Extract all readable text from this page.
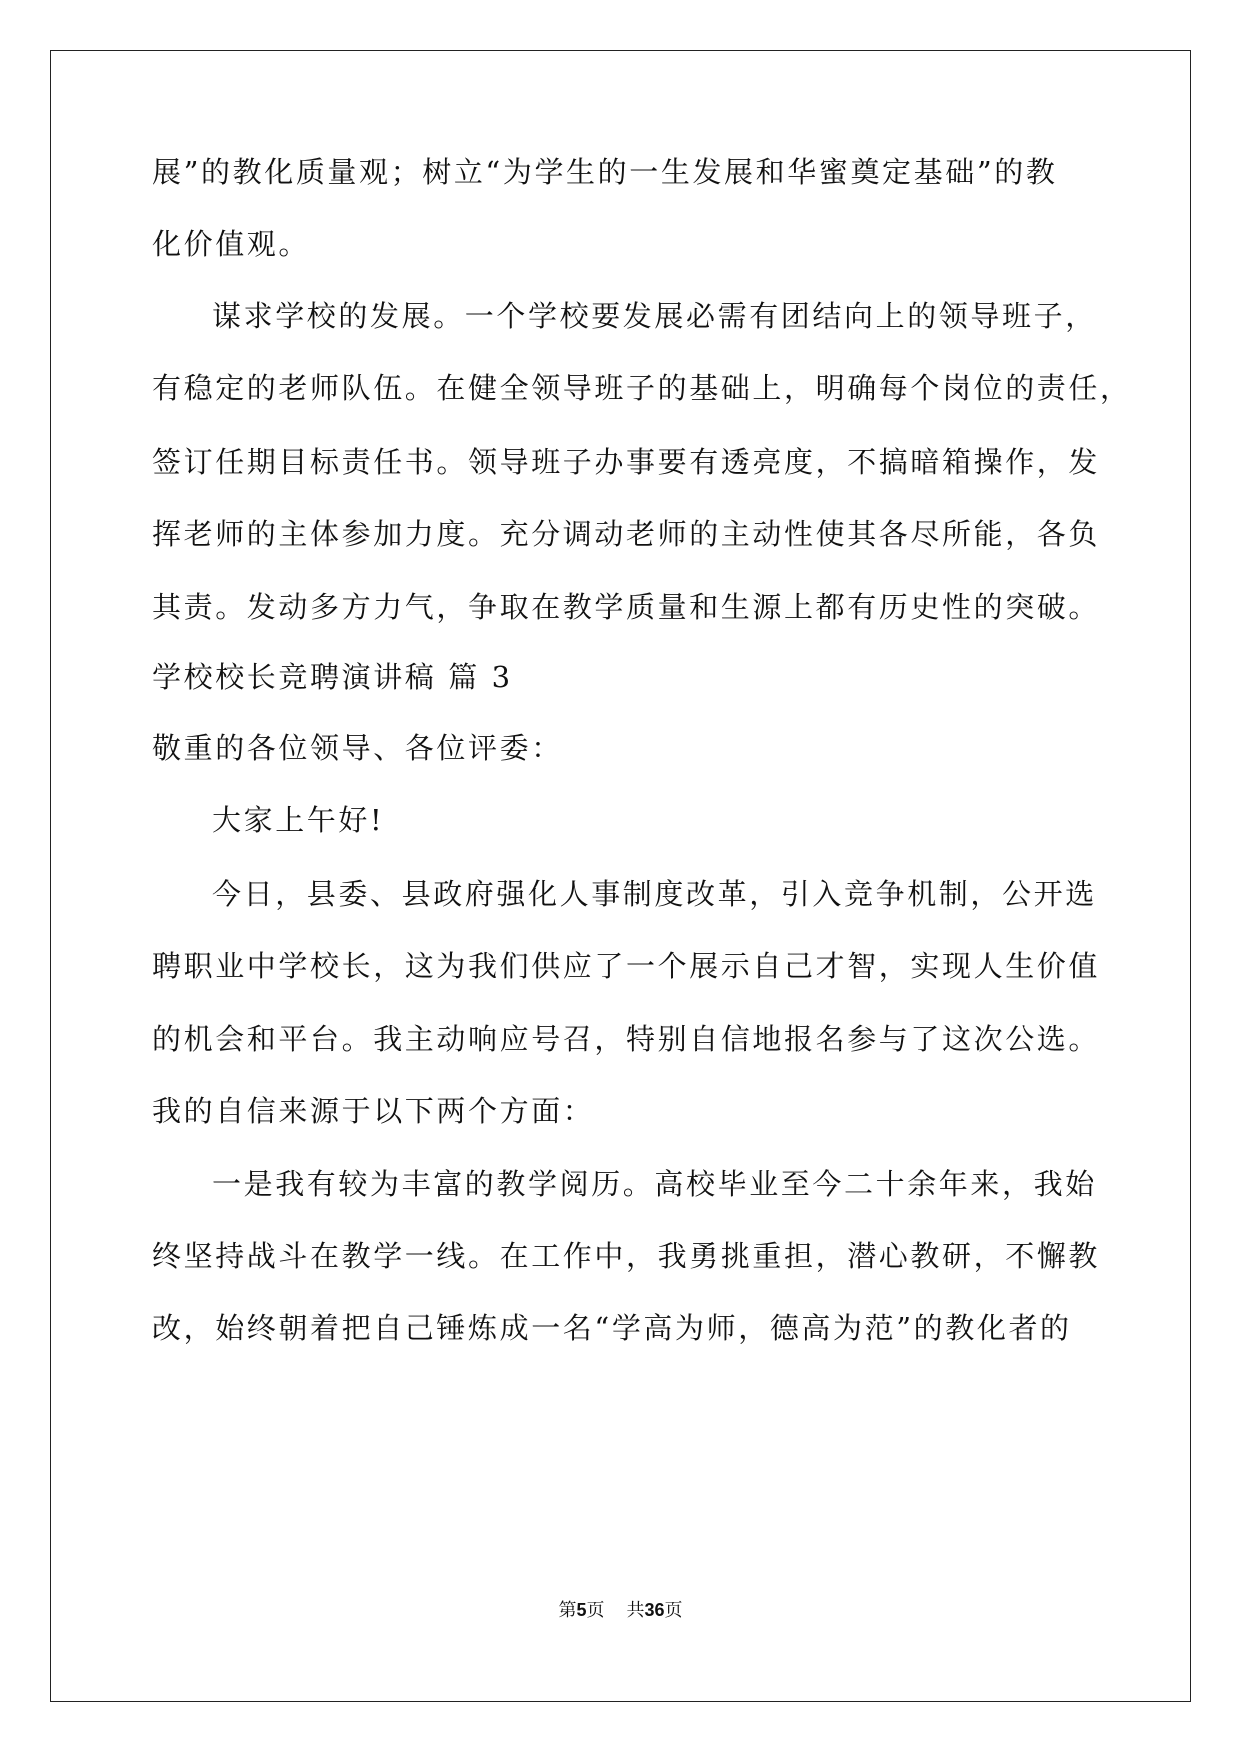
展”的教化质量观；树立“为学生的一生发展和华蜜奠定基础”的教
化价值观。
谋求学校的发展。一个学校要发展必需有团结向上的领导班子，
有稳定的老师队伍。在健全领导班子的基础上，明确每个岗位的责任，
签订任期目标责任书。领导班子办事要有透亮度，不搞暗箱操作，发
挥老师的主体参加力度。充分调动老师的主动性使其各尽所能，各负
其责。发动多方力气，争取在教学质量和生源上都有历史性的突破。
学校校长竞聘演讲稿 篇 3
敬重的各位领导、各位评委：
大家上午好!
今日，县委、县政府强化人事制度改革，引入竞争机制，公开选
聘职业中学校长，这为我们供应了一个展示自己才智，实现人生价值
的机会和平台。我主动响应号召，特别自信地报名参与了这次公选。
我的自信来源于以下两个方面：
一是我有较为丰富的教学阅历。高校毕业至今二十余年来，我始
终坚持战斗在教学一线。在工作中，我勇挑重担，潜心教研，不懈教
改，始终朝着把自己锤炼成一名“学高为师，德高为范”的教化者的
第5页 共36页
